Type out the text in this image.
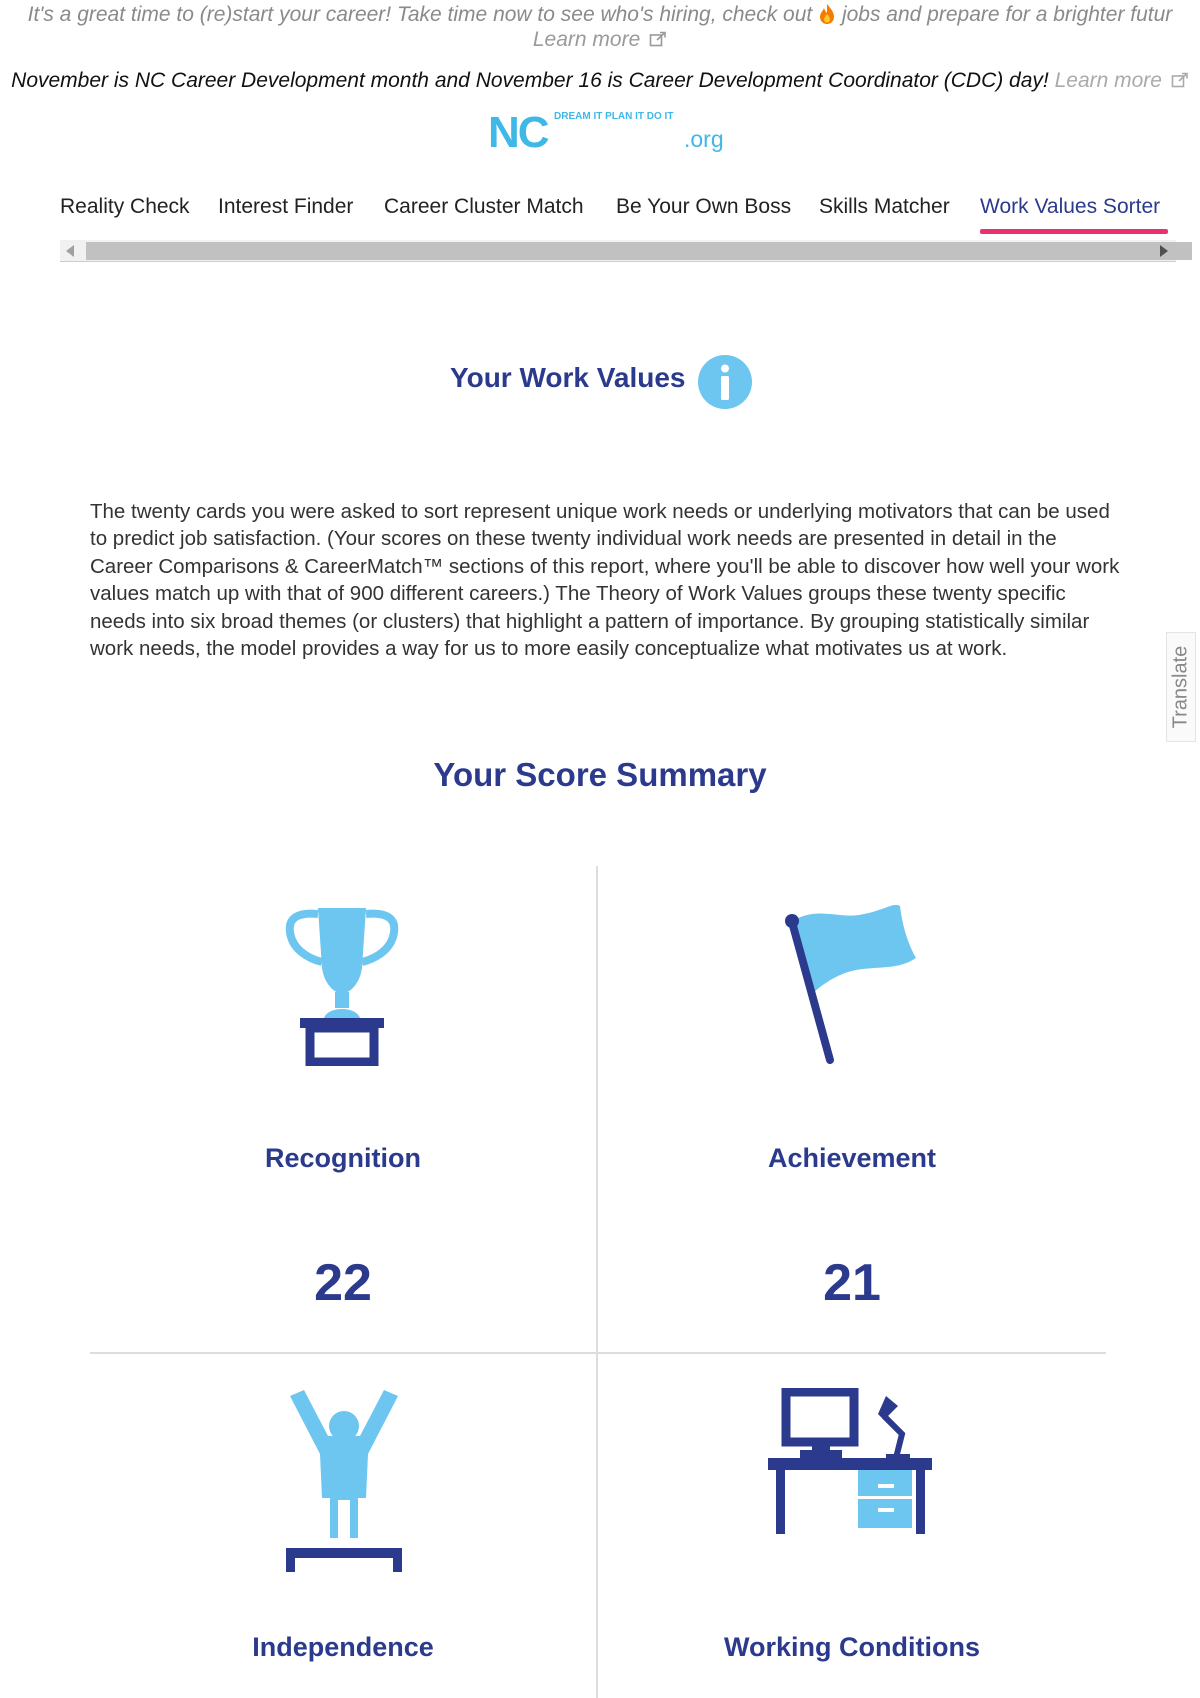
It's a great time to (re)start your career! Take time now to see who's hiring, check out jobs and prepare for a brighter futur
Learn more
November is NC Career Development month and November 16 is Career Development Coordinator (CDC) day! Learn more
NC DREAM IT PLAN IT DO IT
.org
Reality Check Interest Finder Career Cluster Match Be Your Own Boss Skills Matcher Work Values Sorter
Your Work Values
The twenty cards you were asked to sort represent unique work needs or underlying motivators that can be used to predict job satisfaction. (Your scores on these twenty individual work needs are presented in detail in the Career Comparisons & CareerMatch™ sections of this report, where you'll be able to discover how well your work values match up with that of 900 different careers.) The Theory of Work Values groups these twenty specific needs into six broad themes (or clusters) that highlight a pattern of importance. By grouping statistically similar work needs, the model provides a way for us to more easily conceptualize what motivates us at work.
Your Score Summary
Recognition
22
Achievement
21
Independence	Working Conditions
Translate
